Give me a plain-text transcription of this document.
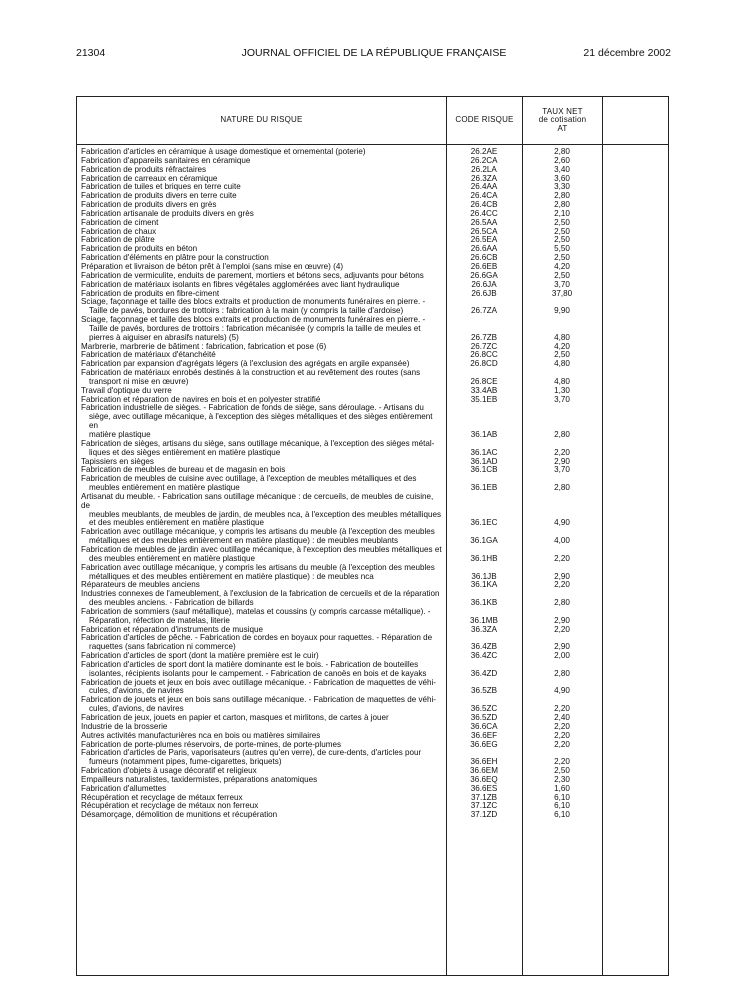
21304	JOURNAL OFFICIEL DE LA RÉPUBLIQUE FRANÇAISE	21 décembre 2002
NATURE DU RISQUE	CODE RISQUE
TAUX NET
de cotisation
AT
Fabrication d'articles en céramique à usage domestique et ornemental (poterie)	26.2AE	2,80
Fabrication d'appareils sanitaires en céramique	26.2CA	2,60
Fabrication de produits réfractaires	26.2LA	3,40
Fabrication de carreaux en céramique	26.3ZA	3,60
Fabrication de tuiles et briques en terre cuite	26.4AA	3,30
Fabrication de produits divers en terre cuite	26.4CA	2,80
Fabrication de produits divers en grès	26.4CB	2,80
Fabrication artisanale de produits divers en grès	26.4CC	2,10
Fabrication de ciment	26.5AA	2,50
Fabrication de chaux	26.5CA	2,50
Fabrication de plâtre	26.5EA	2,50
Fabrication de produits en béton	26.6AA	5,50
Fabrication d'éléments en plâtre pour la construction	26.6CB	2,50
Préparation et livraison de béton prêt à l'emploi (sans mise en œuvre) (4)	26.6EB	4,20
Fabrication de vermiculite, enduits de parement, mortiers et bétons secs, adjuvants pour bétons	26.6GA	2,50
Fabrication de matériaux isolants en fibres végétales agglomérées avec liant hydraulique	26.6JA	3,70
Fabrication de produits en fibre-ciment	26.6JB	37,80
Sciage, façonnage et taille des blocs extraits et production de monuments funéraires en pierre. -
Taille de pavés, bordures de trottoirs : fabrication à la main (y compris la taille d'ardoise)	26.7ZA	9,90
Sciage, façonnage et taille des blocs extraits et production de monuments funéraires en pierre. -
Taille de pavés, bordures de trottoirs : fabrication mécanisée (y compris la taille de meules et
pierres à aiguiser en abrasifs naturels) (5)	26.7ZB	4,80
Marbrerie, marbrerie de bâtiment : fabrication, fabrication et pose (6)	26.7ZC	4,20
Fabrication de matériaux d'étanchéité	26.8CC	2,50
Fabrication par expansion d'agrégats légers (à l'exclusion des agrégats en argile expansée)	26.8CD	4,80
Fabrication de matériaux enrobés destinés à la construction et au revêtement des routes (sans
transport ni mise en œuvre)	26.8CE	4,80
Travail d'optique du verre	33.4AB	1,30
Fabrication et réparation de navires en bois et en polyester stratifié	35.1EB	3,70
Fabrication industrielle de sièges. - Fabrication de fonds de siège, sans déroulage. - Artisans du
siège, avec outillage mécanique, à l'exception des sièges métalliques et des sièges entièrement en
matière plastique	36.1AB	2,80
Fabrication de sièges, artisans du siège, sans outillage mécanique, à l'exception des sièges métal-
liques et des sièges entièrement en matière plastique	36.1AC	2,20
Tapissiers en sièges	36.1AD	2,90
Fabrication de meubles de bureau et de magasin en bois	36.1CB	3,70
Fabrication de meubles de cuisine avec outillage, à l'exception de meubles métalliques et des
meubles entièrement en matière plastique	36.1EB	2,80
Artisanat du meuble. - Fabrication sans outillage mécanique : de cercueils, de meubles de cuisine, de
meubles meublants, de meubles de jardin, de meubles nca, à l'exception des meubles métalliques
et des meubles entièrement en matière plastique	36.1EC	4,90
Fabrication avec outillage mécanique, y compris les artisans du meuble (à l'exception des meubles
métalliques et des meubles entièrement en matière plastique) : de meubles meublants	36.1GA	4,00
Fabrication de meubles de jardin avec outillage mécanique, à l'exception des meubles métalliques et
des meubles entièrement en matière plastique	36.1HB	2,20
Fabrication avec outillage mécanique, y compris les artisans du meuble (à l'exception des meubles
métalliques et des meubles entièrement en matière plastique) : de meubles nca	36.1JB	2,90
Réparateurs de meubles anciens	36.1KA	2,20
Industries connexes de l'ameublement, à l'exclusion de la fabrication de cercueils et de la réparation
des meubles anciens. - Fabrication de billards	36.1KB	2,80
Fabrication de sommiers (sauf métallique), matelas et coussins (y compris carcasse métallique). -
Réparation, réfection de matelas, literie	36.1MB	2,90
Fabrication et réparation d'instruments de musique	36.3ZA	2,20
Fabrication d'articles de pêche. - Fabrication de cordes en boyaux pour raquettes. - Réparation de
raquettes (sans fabrication ni commerce)	36.4ZB	2,90
Fabrication d'articles de sport (dont la matière première est le cuir)	36.4ZC	2,00
Fabrication d'articles de sport dont la matière dominante est le bois. - Fabrication de bouteilles
isolantes, récipients isolants pour le campement. - Fabrication de canoës en bois et de kayaks	36.4ZD	2,80
Fabrication de jouets et jeux en bois avec outillage mécanique. - Fabrication de maquettes de véhi-
cules, d'avions, de navires	36.5ZB	4,90
Fabrication de jouets et jeux en bois sans outillage mécanique. - Fabrication de maquettes de véhi-
cules, d'avions, de navires	36.5ZC	2,20
Fabrication de jeux, jouets en papier et carton, masques et mirlitons, de cartes à jouer	36.5ZD	2,40
Industrie de la brosserie	36.6CA	2,20
Autres activités manufacturières nca en bois ou matières similaires	36.6EF	2,20
Fabrication de porte-plumes réservoirs, de porte-mines, de porte-plumes	36.6EG	2,20
Fabrication d'articles de Paris, vaporisateurs (autres qu'en verre), de cure-dents, d'articles pour
fumeurs (notamment pipes, fume-cigarettes, briquets)	36.6EH	2,20
Fabrication d'objets à usage décoratif et religieux	36.6EM	2,50
Empailleurs naturalistes, taxidermistes, préparations anatomiques	36.6EQ	2,30
Fabrication d'allumettes	36.6ES	1,60
Récupération et recyclage de métaux ferreux	37.1ZB	6,10
Récupération et recyclage de métaux non ferreux	37.1ZC	6,10
Désamorçage, démolition de munitions et récupération	37.1ZD	6,10
